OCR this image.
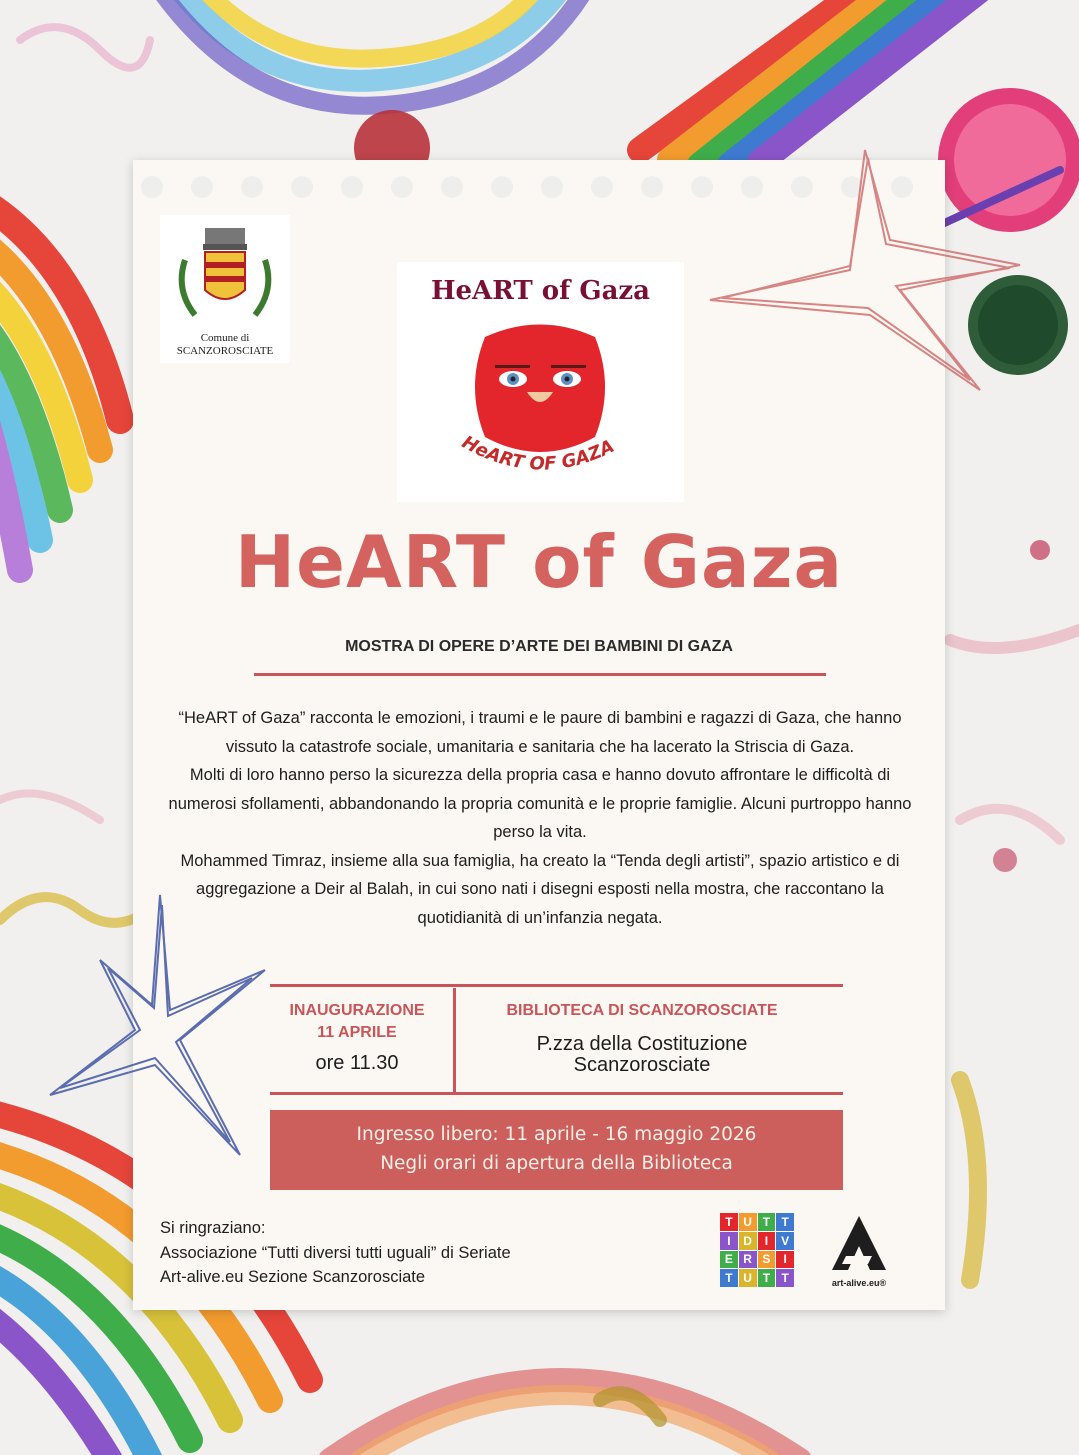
Comune di
SCANZOROSCIATE
HeART of Gaza
HeART OF GAZA
HeART of Gaza
MOSTRA DI OPERE D’ARTE DEI BAMBINI DI GAZA

“HeART of Gaza” racconta le emozioni, i traumi e le paure di bambini e ragazzi di Gaza, che hanno vissuto la catastrofe sociale, umanitaria e sanitaria che ha lacerato la Striscia di Gaza.

Molti di loro hanno perso la sicurezza della propria casa e hanno dovuto affrontare le difficoltà di numerosi sfollamenti, abbandonando la propria comunità e le proprie famiglie. Alcuni purtroppo hanno perso la vita.

Mohammed Timraz, insieme alla sua famiglia, ha creato la “Tenda degli artisti”, spazio artistico e di aggregazione a Deir al Balah, in cui sono nati i disegni esposti nella mostra, che raccontano la quotidianità di un’infanzia negata.

INAUGURAZIONE
11 APRILE
ore 11.30
BIBLIOTECA DI SCANZOROSCIATE
P.zza della Costituzione
Scanzorosciate
Ingresso libero: 11 aprile - 16 maggio 2026
Negli orari di apertura della Biblioteca
Si ringraziano:
Associazione “Tutti diversi tutti uguali” di Seriate
Art-alive.eu Sezione Scanzorosciate
T U T T
I	D	I	V
E R S	I
T U T T	art-alive.eu®
